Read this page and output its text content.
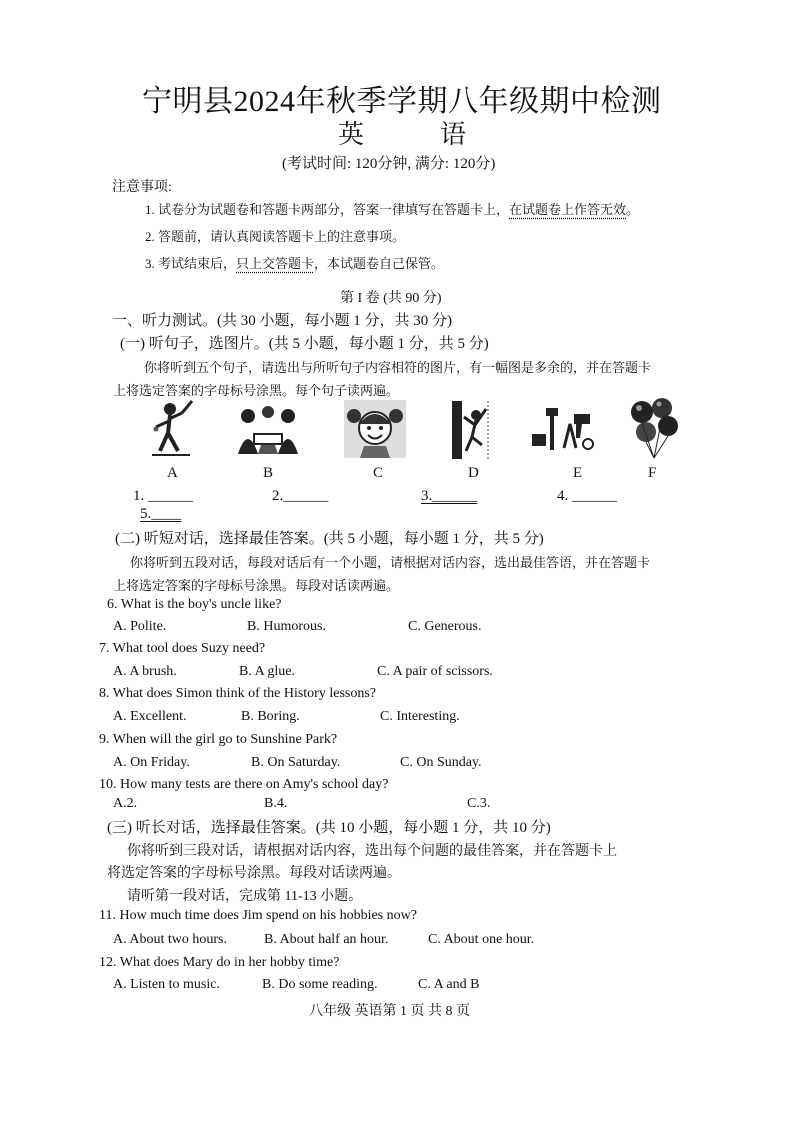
宁明县2024年秋季学期八年级期中检测
英	语
(考试时间: 120分钟, 满分: 120分)
注意事项:
1. 试卷分为试题卷和答题卡两部分，答案一律填写在答题卡上，在试题卷上作答无效。
2. 答题前，请认真阅读答题卡上的注意事项。
3. 考试结束后，只上交答题卡，本试题卷自己保管。
第 I 卷 (共 90 分)
一、听力测试。(共 30 小题，每小题 1 分，共 30 分)
(一) 听句子，选图片。(共 5 小题，每小题 1 分，共 5 分)
你将听到五个句子，请选出与所听句子内容相符的图片，有一幅图是多余的，并在答题卡
上将选定答案的字母标号涂黑。每个句子读两遍。
A	B	C	D	E	F
1. ______	2.______	3.______	4. ______
5.____
(二) 听短对话，选择最佳答案。(共 5 小题，每小题 1 分，共 5 分)
你将听到五段对话，每段对话后有一个小题，请根据对话内容，选出最佳答语，并在答题卡
上将选定答案的字母标号涂黑。每段对话读两遍。
6. What is the boy's uncle like?
A. Polite.	B. Humorous.	C. Generous.
7. What tool does Suzy need?
A. A brush.	B. A glue.	C. A pair of scissors.
8. What does Simon think of the History lessons?
A. Excellent.	B. Boring.	C. Interesting.
9. When will the girl go to Sunshine Park?
A. On Friday.	B. On Saturday.	C. On Sunday.
10. How many tests are there on Amy's school day?
A.2.	B.4.	C.3.
(三) 听长对话，选择最佳答案。(共 10 小题，每小题 1 分，共 10 分)
你将听到三段对话，请根据对话内容，选出每个问题的最佳答案，并在答题卡上
将选定答案的字母标号涂黑。每段对话读两遍。
请听第一段对话，完成第 11-13 小题。
11. How much time does Jim spend on his hobbies now?
A. About two hours.	B. About half an hour.	C. About one hour.
12. What does Mary do in her hobby time?
A. Listen to music.	B. Do some reading.	C. A and B
八年级 英语第 1 页 共 8 页
